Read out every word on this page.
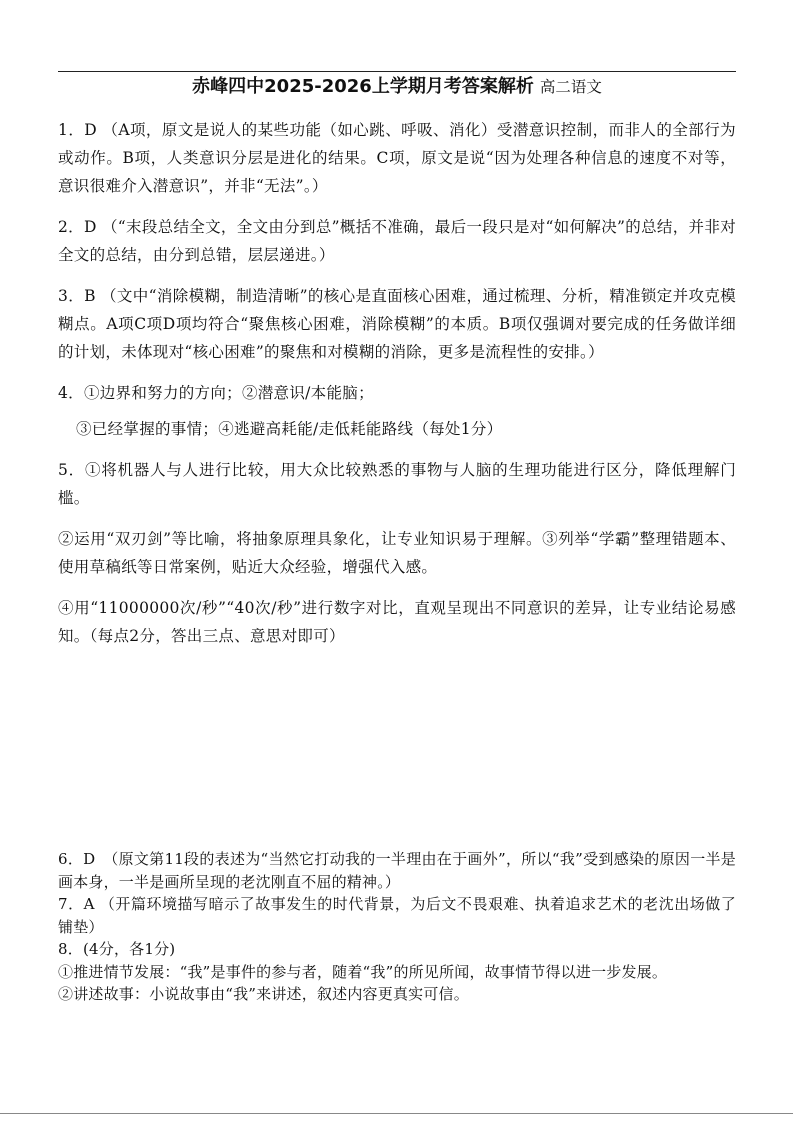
赤峰四中2025-2026上学期月考答案解析 高二语文

1．D （A项，原文是说人的某些功能（如心跳、呼吸、消化）受潜意识控制，而非人的全部行为或动作。B项，人类意识分层是进化的结果。C项，原文是说“因为处理各种信息的速度不对等，意识很难介入潜意识”，并非“无法”。）

2．D （“末段总结全文，全文由分到总”概括不准确，最后一段只是对“如何解决”的总结，并非对全文的总结，由分到总错，层层递进。）

3．B （文中“消除模糊，制造清晰”的核心是直面核心困难，通过梳理、分析，精准锁定并攻克模糊点。A项C项D项均符合“聚焦核心困难，消除模糊”的本质。B项仅强调对要完成的任务做详细的计划，未体现对“核心困难”的聚焦和对模糊的消除，更多是流程性的安排。）

4．①边界和努力的方向；②潜意识/本能脑；

③已经掌握的事情；④逃避高耗能/走低耗能路线（每处1分）

5．①将机器人与人进行比较，用大众比较熟悉的事物与人脑的生理功能进行区分，降低理解门槛。

②运用“双刃剑”等比喻，将抽象原理具象化，让专业知识易于理解。③列举“学霸”整理错题本、使用草稿纸等日常案例，贴近大众经验，增强代入感。

④用“11000000次/秒”“40次/秒”进行数字对比，直观呈现出不同意识的差异，让专业结论易感知。（每点2分，答出三点、意思对即可）

6．D　（原文第11段的表述为“当然它打动我的一半理由在于画外”，所以“我”受到感染的原因一半是画本身，一半是画所呈现的老沈刚直不屈的精神。）

7．A （开篇环境描写暗示了故事发生的时代背景，为后文不畏艰难、执着追求艺术的老沈出场做了铺垫）

8．(4分，各1分)

①推进情节发展：“我”是事件的参与者，随着“我”的所见所闻，故事情节得以进一步发展。

②讲述故事：小说故事由“我”来讲述，叙述内容更真实可信。
